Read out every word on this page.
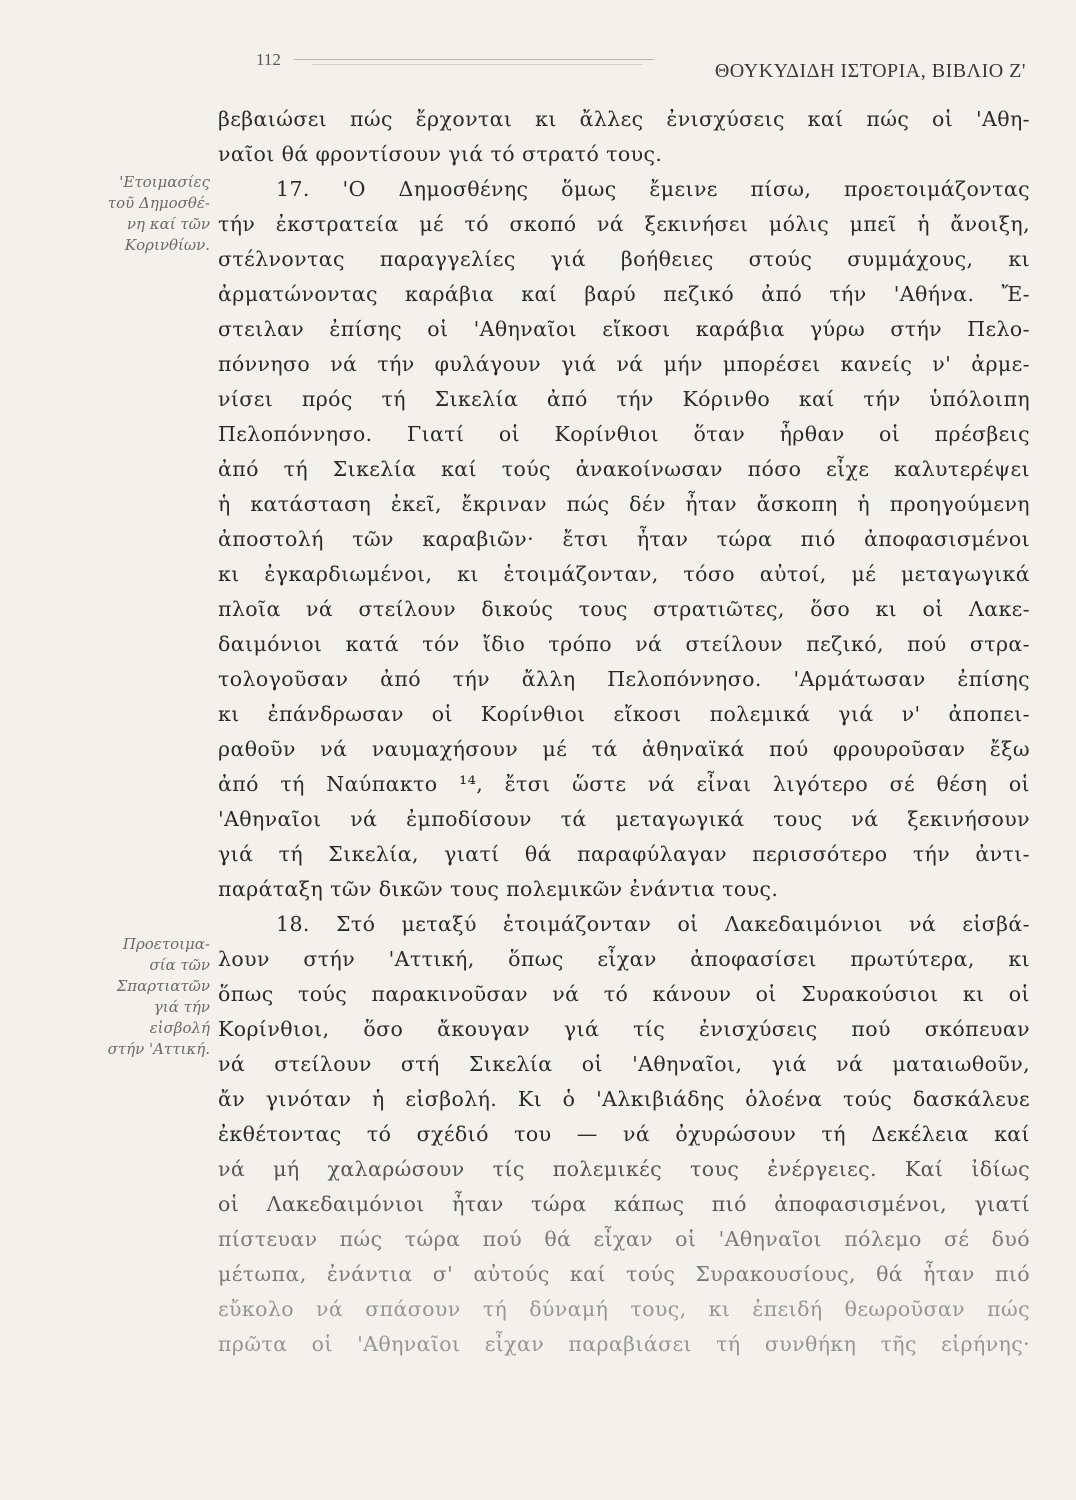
112
ΘΟΥΚΥΔΙΔΗ ΙΣΤΟΡΙΑ, ΒΙΒΛΙΟ Ζ'
'Ετοιμασίες
τοῦ Δημοσθέ-
νη καί τῶν
Κορινθίων.
Προετοιμα-
σία τῶν
Σπαρτιατῶν
γιά τήν
εἰσβολή
στήν 'Αττική.
βεβαιώσει πώς ἔρχονται κι ἄλλες ἐνισχύσεις καί πώς οἱ 'Αθη-
ναῖοι θά φροντίσουν γιά τό στρατό τους.
17. 'Ο Δημοσθένης ὅμως ἔμεινε πίσω, προετοιμάζοντας
τήν ἐκστρατεία μέ τό σκοπό νά ξεκινήσει μόλις μπεῖ ἡ ἄνοιξη,
στέλνοντας παραγγελίες γιά βοήθειες στούς συμμάχους, κι
ἀρματώνοντας καράβια καί βαρύ πεζικό ἀπό τήν 'Αθήνα. Ἔ-
στειλαν ἐπίσης οἱ 'Αθηναῖοι εἴκοσι καράβια γύρω στήν Πελο-
πόννησο νά τήν φυλάγουν γιά νά μήν μπορέσει κανείς ν' ἀρμε-
νίσει πρός τή Σικελία ἀπό τήν Κόρινθο καί τήν ὑπόλοιπη
Πελοπόννησο. Γιατί οἱ Κορίνθιοι ὅταν ἦρθαν οἱ πρέσβεις
ἀπό τή Σικελία καί τούς ἀνακοίνωσαν πόσο εἶχε καλυτερέψει
ἡ κατάσταση ἐκεῖ, ἔκριναν πώς δέν ἦταν ἄσκοπη ἡ προηγούμενη
ἀποστολή τῶν καραβιῶν· ἔτσι ἦταν τώρα πιό ἀποφασισμένοι
κι ἐγκαρδιωμένοι, κι ἑτοιμάζονταν, τόσο αὐτοί, μέ μεταγωγικά
πλοῖα νά στείλουν δικούς τους στρατιῶτες, ὅσο κι οἱ Λακε-
δαιμόνιοι κατά τόν ἴδιο τρόπο νά στείλουν πεζικό, πού στρα-
τολογοῦσαν ἀπό τήν ἄλλη Πελοπόννησο. 'Αρμάτωσαν ἐπίσης
κι ἐπάνδρωσαν οἱ Κορίνθιοι εἴκοσι πολεμικά γιά ν' ἀποπει-
ραθοῦν νά ναυμαχήσουν μέ τά ἀθηναϊκά πού φρουροῦσαν ἔξω
ἀπό τή Ναύπακτο ¹⁴, ἔτσι ὥστε νά εἶναι λιγότερο σέ θέση οἱ
'Αθηναῖοι νά ἐμποδίσουν τά μεταγωγικά τους νά ξεκινήσουν
γιά τή Σικελία, γιατί θά παραφύλαγαν περισσότερο τήν ἀντι-
παράταξη τῶν δικῶν τους πολεμικῶν ἐνάντια τους.
18. Στό μεταξύ ἑτοιμάζονταν οἱ Λακεδαιμόνιοι νά εἰσβά-
λουν στήν 'Αττική, ὅπως εἶχαν ἀποφασίσει πρωτύτερα, κι
ὅπως τούς παρακινοῦσαν νά τό κάνουν οἱ Συρακούσιοι κι οἱ
Κορίνθιοι, ὅσο ἄκουγαν γιά τίς ἐνισχύσεις πού σκόπευαν
νά στείλουν στή Σικελία οἱ 'Αθηναῖοι, γιά νά ματαιωθοῦν,
ἄν γινόταν ἡ εἰσβολή. Κι ὁ 'Αλκιβιάδης ὁλοένα τούς δασκάλευε
ἐκθέτοντας τό σχέδιό του — νά ὀχυρώσουν τή Δεκέλεια καί
νά μή χαλαρώσουν τίς πολεμικές τους ἐνέργειες. Καί ἰδίως
οἱ Λακεδαιμόνιοι ἦταν τώρα κάπως πιό ἀποφασισμένοι, γιατί
πίστευαν πώς τώρα πού θά εἶχαν οἱ 'Αθηναῖοι πόλεμο σέ δυό
μέτωπα, ἐνάντια σ' αὐτούς καί τούς Συρακουσίους, θά ἦταν πιό
εὔκολο νά σπάσουν τή δύναμή τους, κι ἐπειδή θεωροῦσαν πώς
πρῶτα οἱ 'Αθηναῖοι εἶχαν παραβιάσει τή συνθήκη τῆς εἰρήνης·
